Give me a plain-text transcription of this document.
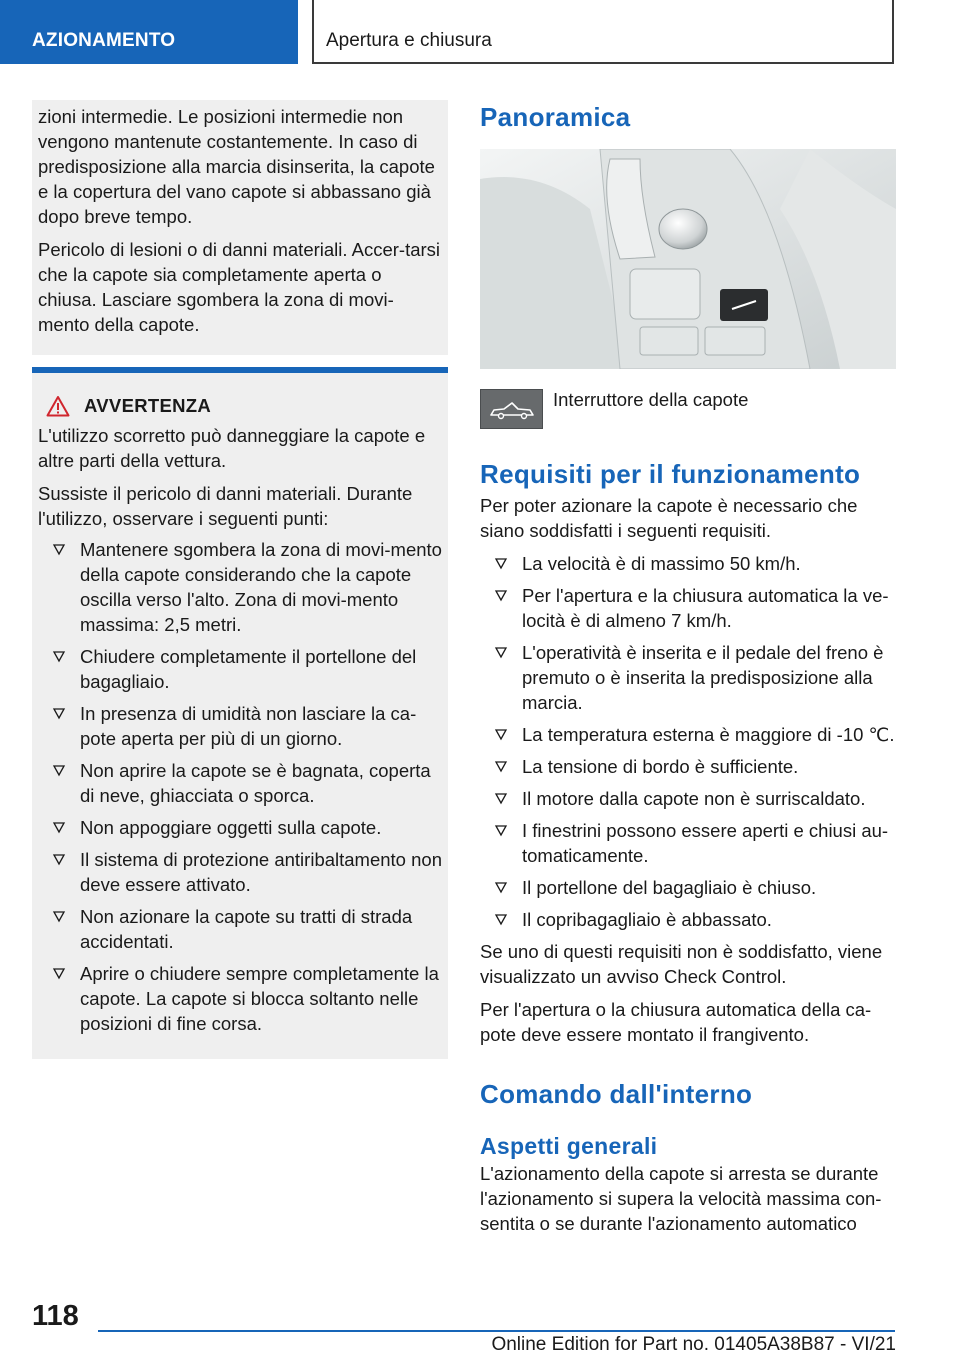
AZIONAMENTO	Apertura e chiusura

zioni intermedie. Le posizioni intermedie non vengono mantenute costantemente. In caso di predisposizione alla marcia disinserita, la capote e la copertura del vano capote si abbassano già dopo breve tempo.

Pericolo di lesioni o di danni materiali. Accer-tarsi che la capote sia completamente aperta o chiusa. Lasciare sgombera la zona di movi-mento della capote.

AVVERTENZA

L'utilizzo scorretto può danneggiare la capote e altre parti della vettura.

Sussiste il pericolo di danni materiali. Durante l'utilizzo, osservare i seguenti punti:

Mantenere sgombera la zona di movi-mento della capote considerando che la capote oscilla verso l'alto. Zona di movi-mento massima: 2,5 metri.
Chiudere completamente il portellone del bagagliaio.
In presenza di umidità non lasciare la ca-pote aperta per più di un giorno.
Non aprire la capote se è bagnata, coperta di neve, ghiacciata o sporca.
Non appoggiare oggetti sulla capote.
Il sistema di protezione antiribaltamento non deve essere attivato.
Non azionare la capote su tratti di strada accidentati.
Aprire o chiudere sempre completamente la capote. La capote si blocca soltanto nelle posizioni di fine corsa.
Panoramica
Interruttore della capote
Requisiti per il funzionamento

Per poter azionare la capote è necessario che siano soddisfatti i seguenti requisiti.

La velocità è di massimo 50 km/h.
Per l'apertura e la chiusura automatica la ve-locità è di almeno 7 km/h.
L'operatività è inserita e il pedale del freno è premuto o è inserita la predisposizione alla marcia.
La temperatura esterna è maggiore di -10 ℃.
La tensione di bordo è sufficiente.
Il motore dalla capote non è surriscaldato.
I finestrini possono essere aperti e chiusi au-tomaticamente.
Il portellone del bagagliaio è chiuso.
Il copribagagliaio è abbassato.

Se uno di questi requisiti non è soddisfatto, viene visualizzato un avviso Check Control.

Per l'apertura o la chiusura automatica della ca-pote deve essere montato il frangivento.

Comando dall'interno
Aspetti generali

L'azionamento della capote si arresta se durante l'azionamento si supera la velocità massima con-sentita o se durante l'azionamento automatico

118
Online Edition for Part no. 01405A38B87 - VI/21
